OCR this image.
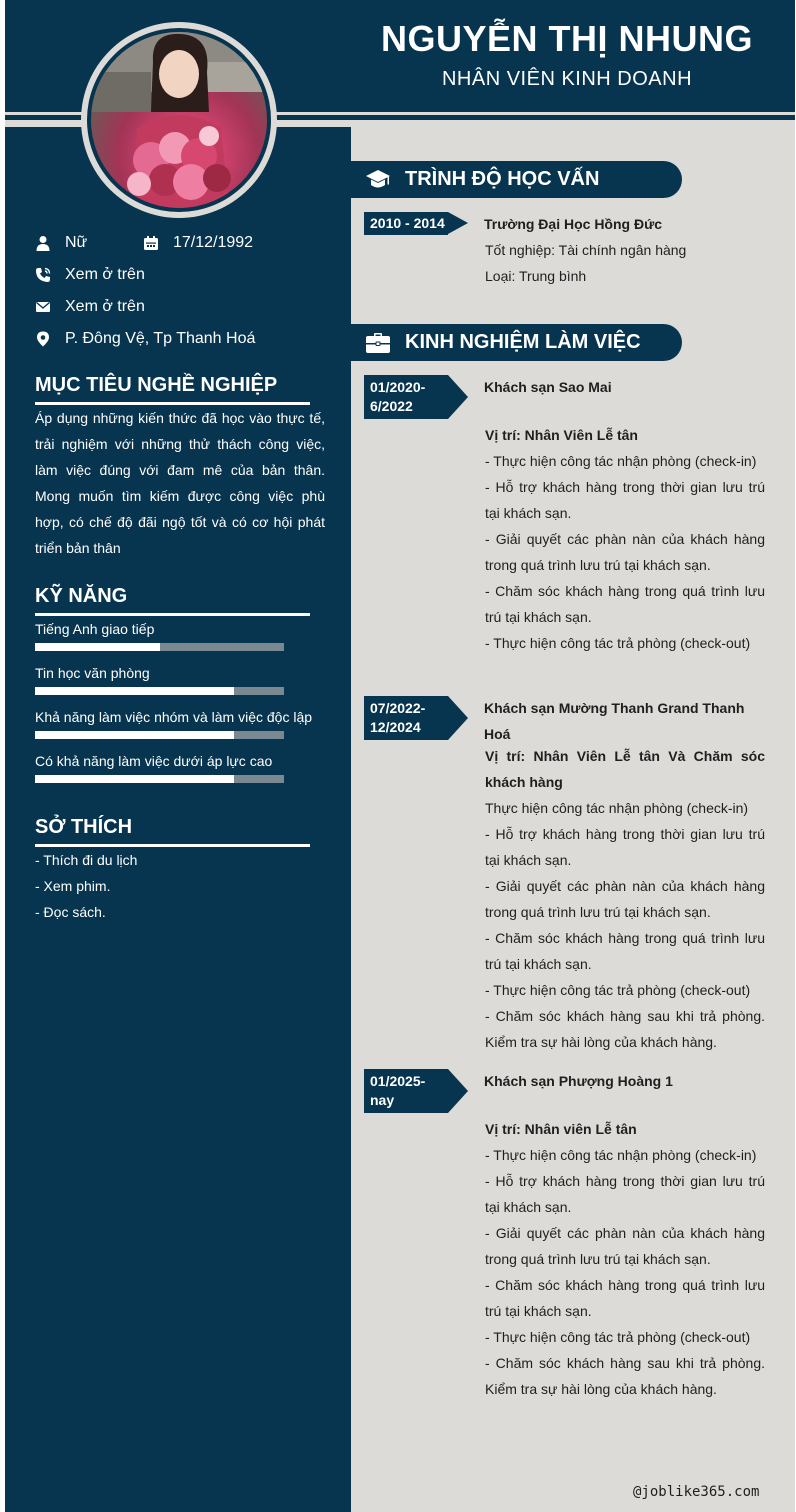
NGUYỄN THỊ NHUNG
NHÂN VIÊN KINH DOANH
Nữ	17/12/1992
Xem ở trên
Xem ở trên
P. Đông Vệ, Tp Thanh Hoá
MỤC TIÊU NGHỀ NGHIỆP
Áp dụng những kiến thức đã học vào thực tế, trải nghiệm với những thử thách công việc, làm việc đúng với đam mê của bản thân. Mong muốn tìm kiếm được công việc phù hợp, có chế độ đãi ngộ tốt và có cơ hội phát triển bản thân
KỸ NĂNG
Tiếng Anh giao tiếp
Tin học văn phòng
Khả năng làm việc nhóm và làm việc độc lập
Có khả năng làm việc dưới áp lực cao
SỞ THÍCH
- Thích đi du lịch
- Xem phim.
- Đọc sách.
TRÌNH ĐỘ HỌC VẤN
2010 - 2014	Trường Đại Học Hồng Đức
Tốt nghiệp: Tài chính ngân hàng
Loại: Trung bình
KINH NGHIỆM LÀM VIỆC
01/2020-
6/2022
Khách sạn Sao Mai
Vị trí: Nhân Viên Lễ tân
- Thực hiện công tác nhận phòng (check-in)
- Hỗ trợ khách hàng trong thời gian lưu trú tại khách sạn.
- Giải quyết các phàn nàn của khách hàng trong quá trình lưu trú tại khách sạn.
- Chăm sóc khách hàng trong quá trình lưu trú tại khách sạn.
- Thực hiện công tác trả phòng (check-out)
07/2022-
12/2024
Khách sạn Mường Thanh Grand Thanh Hoá
Vị trí: Nhân Viên Lễ tân Và Chăm sóc khách hàng
Thực hiện công tác nhận phòng (check-in)
- Hỗ trợ khách hàng trong thời gian lưu trú tại khách sạn.
- Giải quyết các phàn nàn của khách hàng trong quá trình lưu trú tại khách sạn.
- Chăm sóc khách hàng trong quá trình lưu trú tại khách sạn.
- Thực hiện công tác trả phòng (check-out)
- Chăm sóc khách hàng sau khi trả phòng. Kiểm tra sự hài lòng của khách hàng.
01/2025-
nay
Khách sạn Phượng Hoàng 1
Vị trí: Nhân viên Lễ tân
- Thực hiện công tác nhận phòng (check-in)
- Hỗ trợ khách hàng trong thời gian lưu trú tại khách sạn.
- Giải quyết các phàn nàn của khách hàng trong quá trình lưu trú tại khách sạn.
- Chăm sóc khách hàng trong quá trình lưu trú tại khách sạn.
- Thực hiện công tác trả phòng (check-out)
- Chăm sóc khách hàng sau khi trả phòng. Kiểm tra sự hài lòng của khách hàng.
@joblike365.com
